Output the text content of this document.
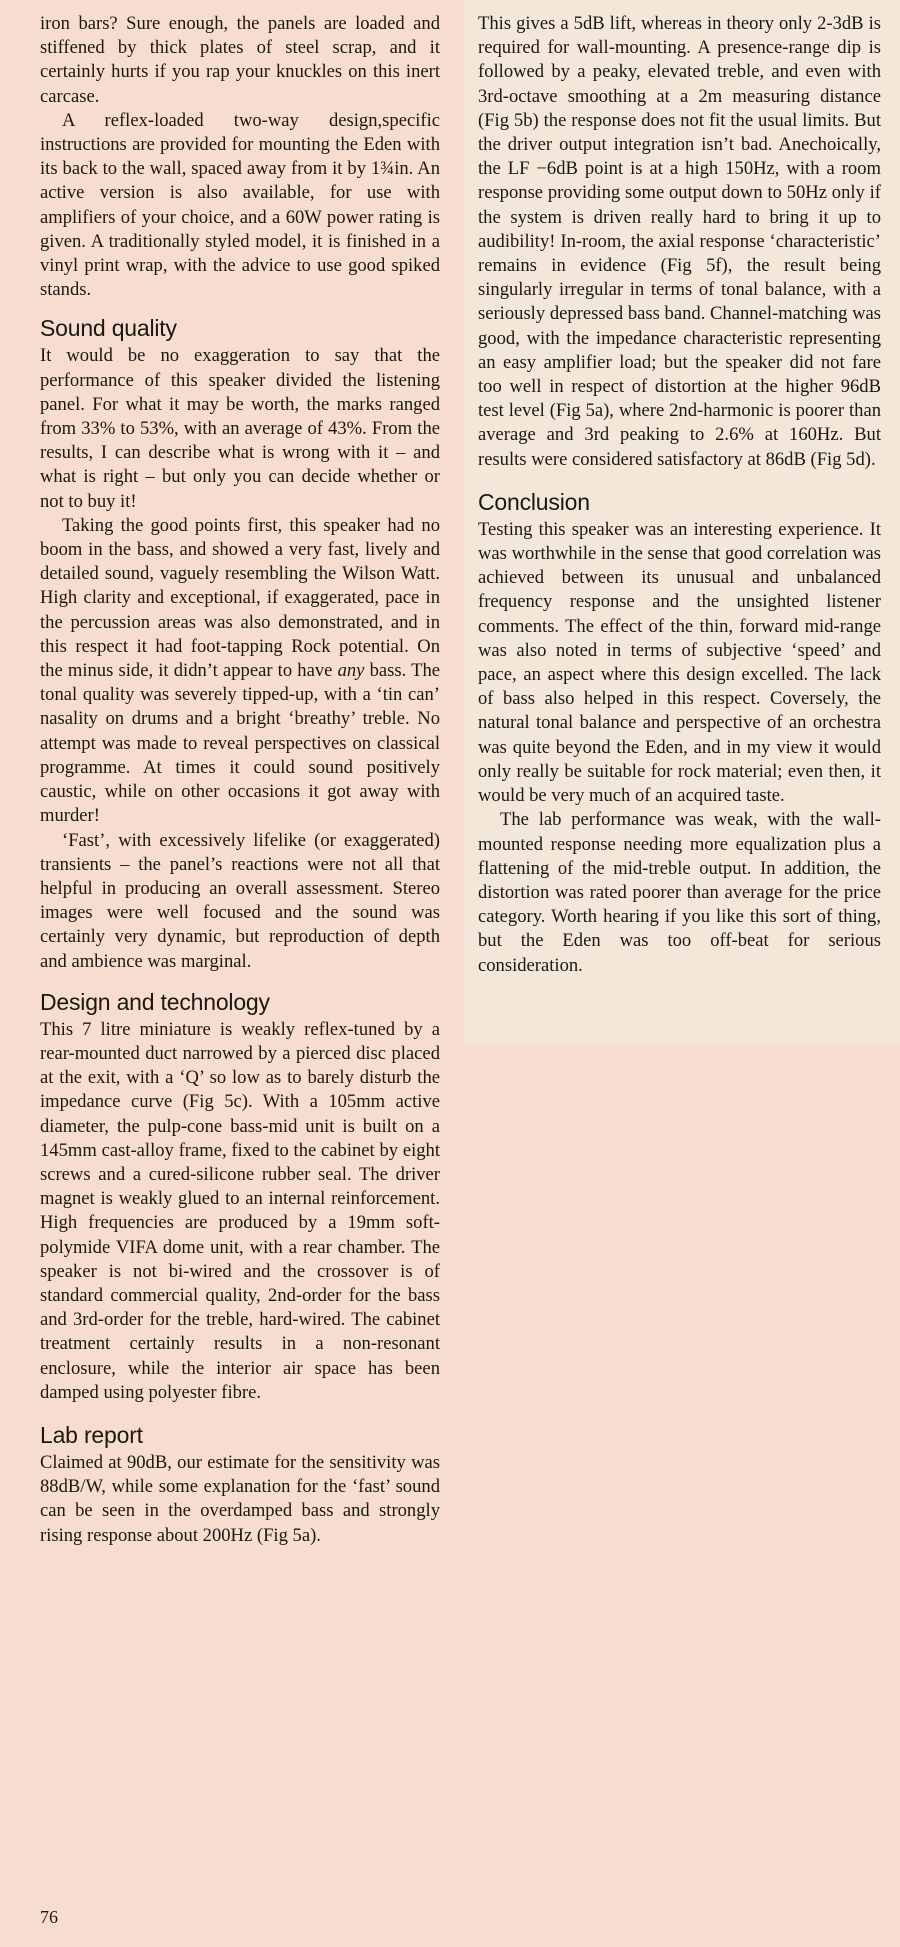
iron bars? Sure enough, the panels are loaded and stiffened by thick plates of steel scrap, and it certainly hurts if you rap your knuckles on this inert carcase.

A reflex-loaded two-way design,specific instructions are provided for mounting the Eden with its back to the wall, spaced away from it by 1¾in. An active version is also available, for use with amplifiers of your choice, and a 60W power rating is given. A traditionally styled model, it is finished in a vinyl print wrap, with the advice to use good spiked stands.

Sound quality

It would be no exaggeration to say that the performance of this speaker divided the listening panel. For what it may be worth, the marks ranged from 33% to 53%, with an average of 43%. From the results, I can describe what is wrong with it – and what is right – but only you can decide whether or not to buy it!

Taking the good points first, this speaker had no boom in the bass, and showed a very fast, lively and detailed sound, vaguely resembling the Wilson Watt. High clarity and exceptional, if exaggerated, pace in the percussion areas was also demonstrated, and in this respect it had foot-tapping Rock potential. On the minus side, it didn’t appear to have any bass. The tonal quality was severely tipped-up, with a ‘tin can’ nasality on drums and a bright ‘breathy’ treble. No attempt was made to reveal perspectives on classical programme. At times it could sound positively caustic, while on other occasions it got away with murder!

‘Fast’, with excessively lifelike (or exaggerated) transients – the panel’s reactions were not all that helpful in producing an overall assessment. Stereo images were well focused and the sound was certainly very dynamic, but reproduction of depth and ambience was marginal.

Design and technology

This 7 litre miniature is weakly reflex-tuned by a rear-mounted duct narrowed by a pierced disc placed at the exit, with a ‘Q’ so low as to barely disturb the impedance curve (Fig 5c). With a 105mm active diameter, the pulp-cone bass-mid unit is built on a 145mm cast-alloy frame, fixed to the cabinet by eight screws and a cured-silicone rubber seal. The driver magnet is weakly glued to an internal reinforcement. High frequencies are produced by a 19mm soft-polymide VIFA dome unit, with a rear chamber. The speaker is not bi-wired and the crossover is of standard commercial quality, 2nd-order for the bass and 3rd-order for the treble, hard-wired. The cabinet treatment certainly results in a non-resonant enclosure, while the interior air space has been damped using polyester fibre.

Lab report

Claimed at 90dB, our estimate for the sensitivity was 88dB/W, while some explanation for the ‘fast’ sound can be seen in the overdamped bass and strongly rising response about 200Hz (Fig 5a).

This gives a 5dB lift, whereas in theory only 2-3dB is required for wall-mounting. A presence-range dip is followed by a peaky, elevated treble, and even with 3rd-octave smoothing at a 2m measuring distance (Fig 5b) the response does not fit the usual limits. But the driver output integration isn’t bad. Anechoically, the LF −6dB point is at a high 150Hz, with a room response providing some output down to 50Hz only if the system is driven really hard to bring it up to audibility! In-room, the axial response ‘characteristic’ remains in evidence (Fig 5f), the result being singularly irregular in terms of tonal balance, with a seriously depressed bass band. Channel-matching was good, with the impedance characteristic representing an easy amplifier load; but the speaker did not fare too well in respect of distortion at the higher 96dB test level (Fig 5a), where 2nd-harmonic is poorer than average and 3rd peaking to 2.6% at 160Hz. But results were considered satisfactory at 86dB (Fig 5d).

Conclusion

Testing this speaker was an interesting experience. It was worthwhile in the sense that good correlation was achieved between its unusual and unbalanced frequency response and the unsighted listener comments. The effect of the thin, forward mid-range was also noted in terms of subjective ‘speed’ and pace, an aspect where this design excelled. The lack of bass also helped in this respect. Coversely, the natural tonal balance and perspective of an orchestra was quite beyond the Eden, and in my view it would only really be suitable for rock material; even then, it would be very much of an acquired taste.

The lab performance was weak, with the wall-mounted response needing more equalization plus a flattening of the mid-treble output. In addition, the distortion was rated poorer than average for the price category. Worth hearing if you like this sort of thing, but the Eden was too off-beat for serious consideration.

76
